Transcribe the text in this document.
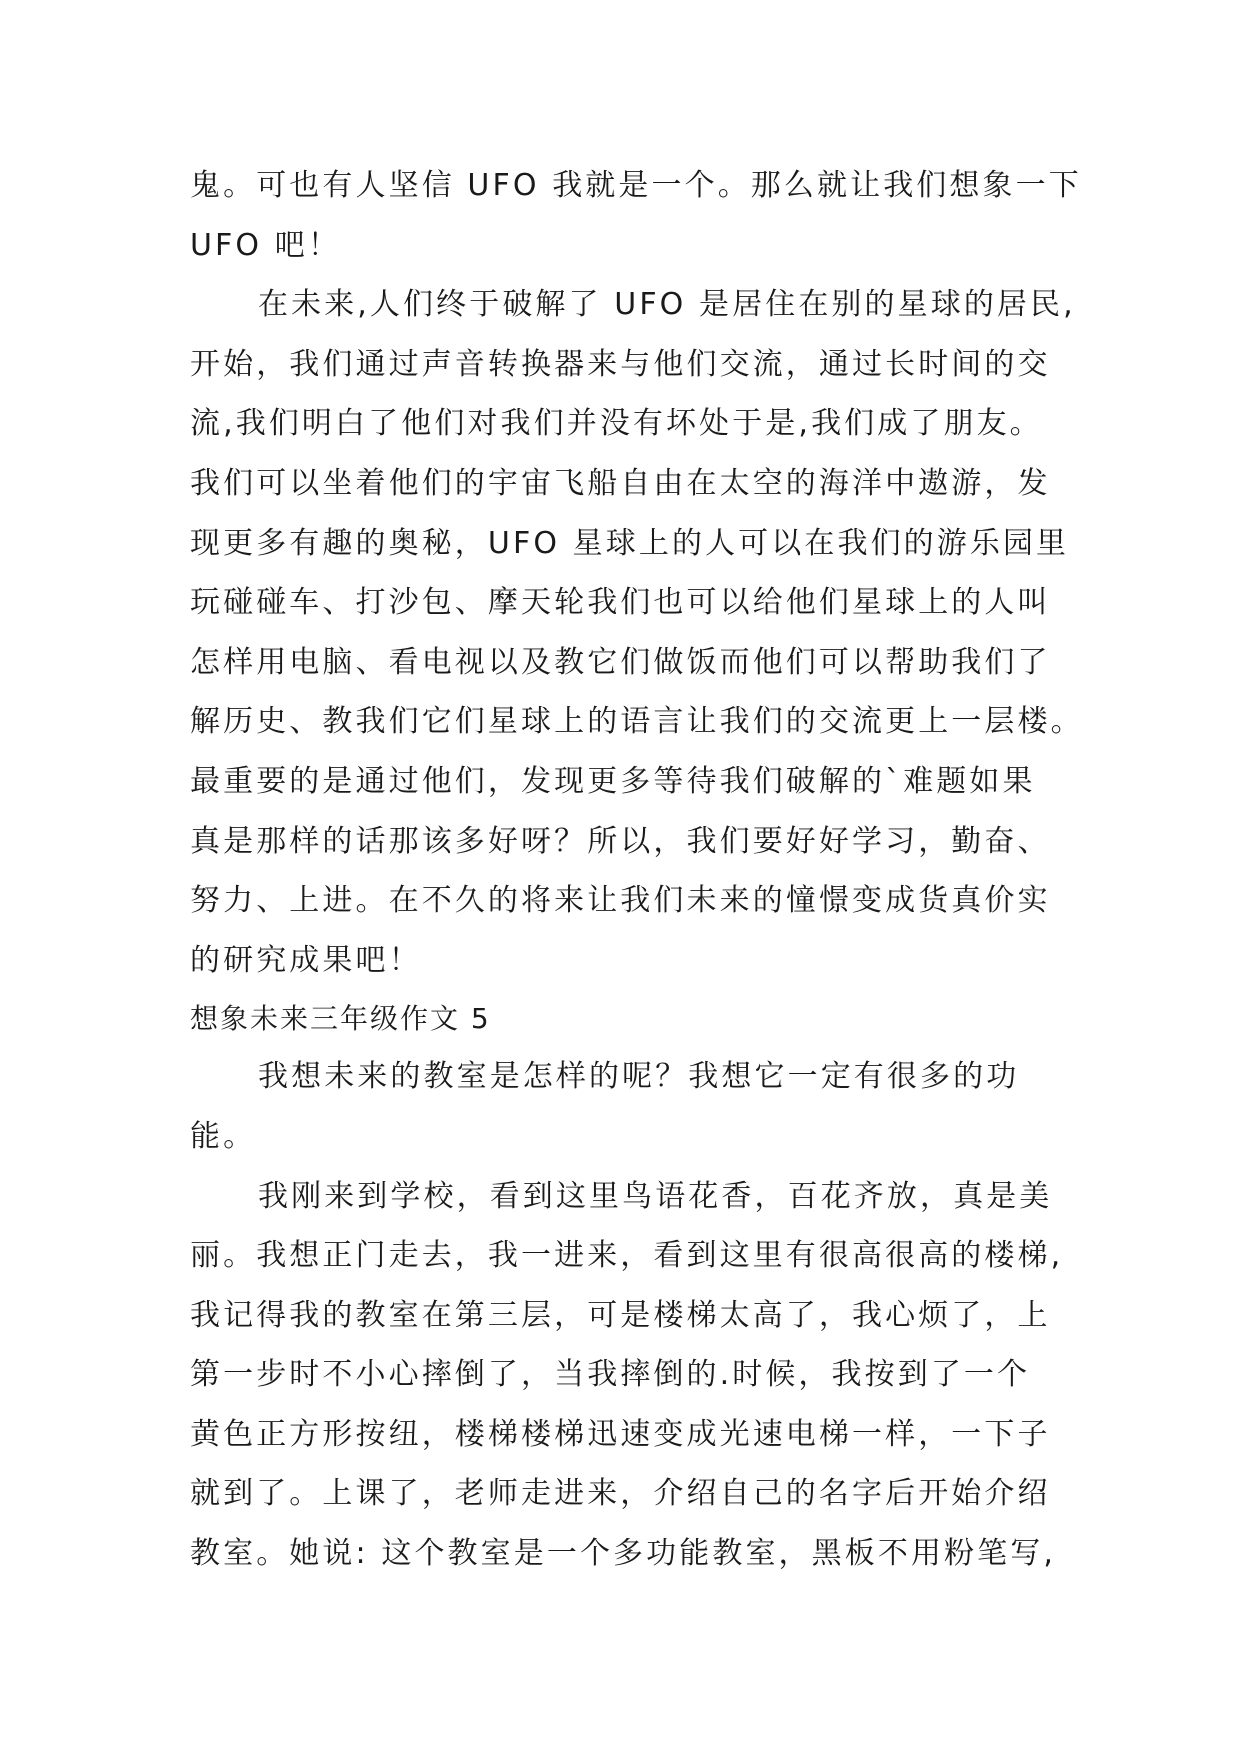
鬼。可也有人坚信 UFO 我就是一个。那么就让我们想象一下
UFO 吧！
在未来,人们终于破解了 UFO 是居住在别的星球的居民,
开始，我们通过声音转换器来与他们交流，通过长时间的交
流,我们明白了他们对我们并没有坏处于是,我们成了朋友。
我们可以坐着他们的宇宙飞船自由在太空的海洋中遨游，发
现更多有趣的奥秘，UFO 星球上的人可以在我们的游乐园里
玩碰碰车、打沙包、摩天轮我们也可以给他们星球上的人叫
怎样用电脑、看电视以及教它们做饭而他们可以帮助我们了
解历史、教我们它们星球上的语言让我们的交流更上一层楼。
最重要的是通过他们，发现更多等待我们破解的`难题如果
真是那样的话那该多好呀？所以，我们要好好学习，勤奋、
努力、上进。在不久的将来让我们未来的憧憬变成货真价实
的研究成果吧！
想象未来三年级作文 5
我想未来的教室是怎样的呢？我想它一定有很多的功
能。
我刚来到学校，看到这里鸟语花香，百花齐放，真是美
丽。我想正门走去，我一进来，看到这里有很高很高的楼梯,
我记得我的教室在第三层，可是楼梯太高了，我心烦了，上
第一步时不小心摔倒了，当我摔倒的.时候，我按到了一个
黄色正方形按纽，楼梯楼梯迅速变成光速电梯一样，一下子
就到了。上课了，老师走进来，介绍自己的名字后开始介绍
教室。她说: 这个教室是一个多功能教室，黑板不用粉笔写,
